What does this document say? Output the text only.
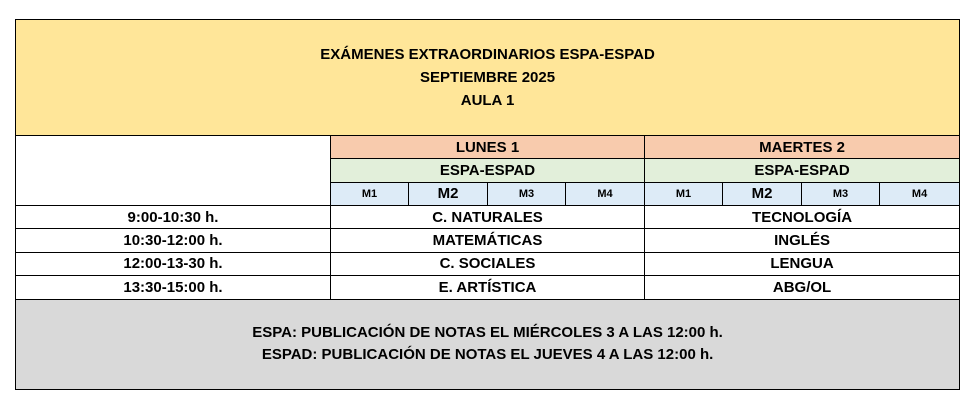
EXÁMENES EXTRAORDINARIOS ESPA-ESPAD
SEPTIEMBRE 2025
AULA 1								

	LUNES 1				MAERTES 2			
	ESPA-ESPAD				ESPA-ESPAD			
	M1	M2	M3	M4	M1	M2	M3	M4
9:00-10:30 h.	C. NATURALES				TECNOLOGÍA			
10:30-12:00 h.	MATEMÁTICAS				INGLÉS			
12:00-13-30 h.	C. SOCIALES				LENGUA			
13:30-15:00 h.	E. ARTÍSTICA				ABG/OL			

ESPA: PUBLICACIÓN DE NOTAS EL MIÉRCOLES 3 A LAS 12:00 h.
ESPAD: PUBLICACIÓN DE NOTAS EL JUEVES 4 A LAS 12:00 h.								
